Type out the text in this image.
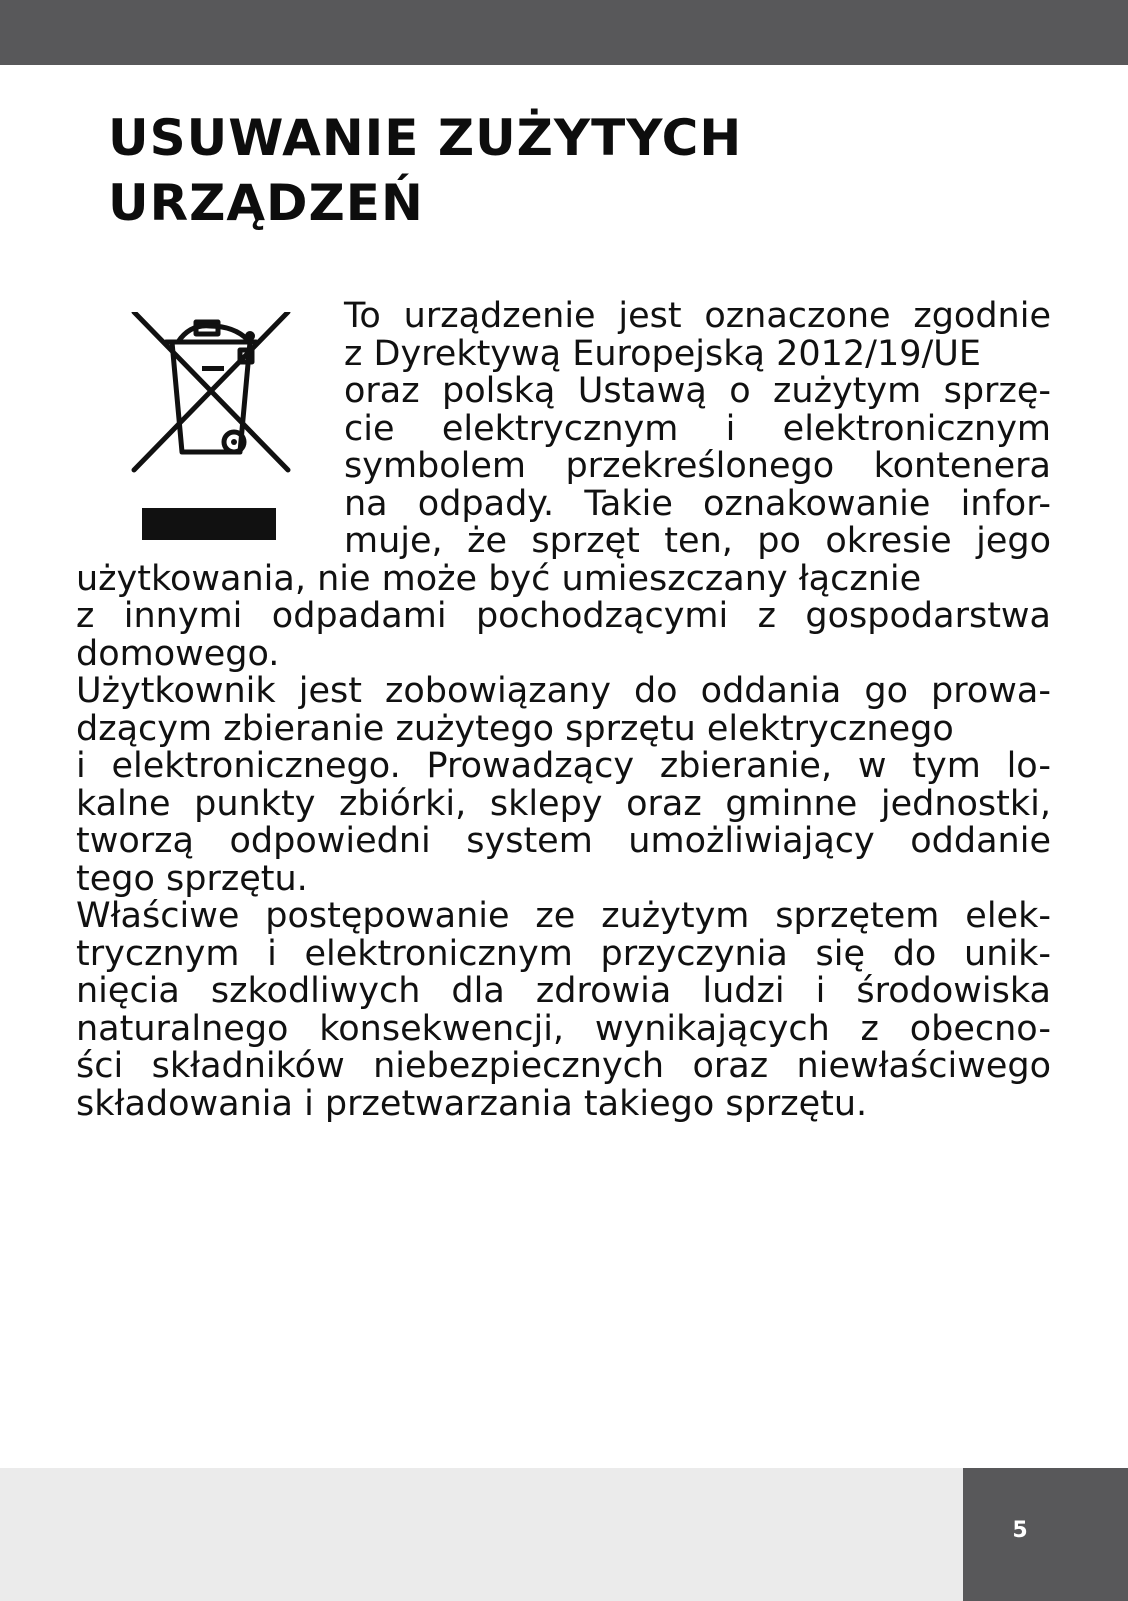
USUWANIE ZUŻYTYCH
URZĄDZEŃ
To urządzenie jest oznaczone zgodnie
z Dyrektywą Europejską 2012/19/UE
oraz polską Ustawą o zużytym sprzę-
cie elektrycznym i elektronicznym
symbolem przekreślonego kontenera
na odpady. Takie oznakowanie infor-
muje, że sprzęt ten, po okresie jego
użytkowania, nie może być umieszczany łącznie
z innymi odpadami pochodzącymi z gospodarstwa
domowego.
Użytkownik jest zobowiązany do oddania go prowa-
dzącym zbieranie zużytego sprzętu elektrycznego
i elektronicznego. Prowadzący zbieranie, w tym lo-
kalne punkty zbiórki, sklepy oraz gminne jednostki,
tworzą odpowiedni system umożliwiający oddanie
tego sprzętu.
Właściwe postępowanie ze zużytym sprzętem elek-
trycznym i elektronicznym przyczynia się do unik-
nięcia szkodliwych dla zdrowia ludzi i środowiska
naturalnego konsekwencji, wynikających z obecno-
ści składników niebezpiecznych oraz niewłaściwego
składowania i przetwarzania takiego sprzętu.
5
